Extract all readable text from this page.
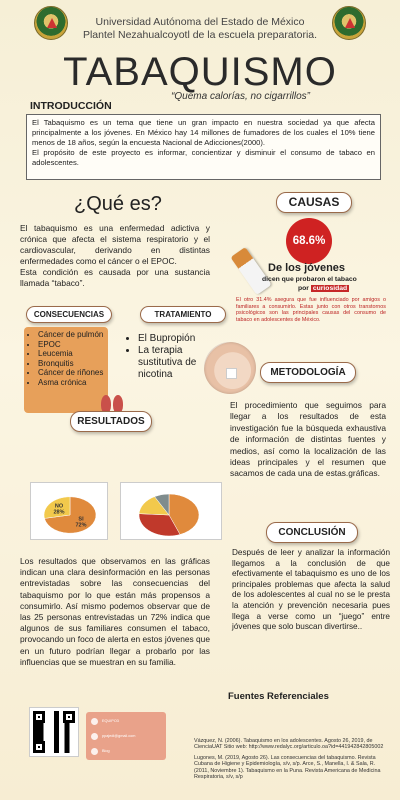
Universidad Autónoma del Estado de México
Plantel Nezahualcoyotl de la escuela preparatoria.
TABAQUISMO
“Quema calorías, no cigarrillos”
INTRODUCCIÓN

El Tabaquismo es un tema que tiene un gran impacto en nuestra sociedad ya que afecta principalmente a los jóvenes. En México hay 14 millones de fumadores de los cuales el 10% tiene menos de 18 años, según la encuesta Nacional de Adicciones(2000).

El propósito de este proyecto es informar, concientizar y disminuir el consumo de tabaco en adolescentes.

¿Qué es?

El tabaquismo es una enfermedad adictiva y crónica que afecta el sistema respiratorio y el cardiovascular, derivando en distintas enfermedades como el cáncer o el EPOC.

Esta condición es causada por una sustancia llamada “tabaco”.

CAUSAS
68.6%
De los jóvenes
dicen que probaron el tabaco
por curiosidad
El otro 31.4% asegura que fue influenciado por amigos o familiares a consumirlo. Estas junto con otros transtornos psicológicos son las principales causas del consumo de tabaco en adolescentes de México.
CONSECUENCIAS
• Cáncer de pulmón
• EPOC
• Leucemia
• Bronquitis
• Cáncer de riñones
• Asma crónica
TRATAMIENTO
• El Bupropión
• La terapia sustitutiva de nicotina	METODOLOGÍA
El procedimiento que seguimos para llegar a los resultados de esta investigación fue la búsqueda exhaustiva de información de distintas fuentes y medios, así como la localización de las ideas principales y el resumen que sacamos de cada una de estas.gráficas.
RESULTADOS
SI
72%
NO
28%
Los resultados que observamos en las gráficas indican una clara desinformación en las personas entrevistadas sobre las consecuencias del tabaquismo por lo que están más propensos a consumirlo. Así mismo podemos observar que de las 25 personas entrevistadas un 72% indica que algunos de sus familiares consumen el tabaco, provocando un foco de alerta en estos jóvenes que en un futuro podrían llegar a probarlo por las influencias que se muestran en su familia.
CONCLUSIÓN
Después de leer y analizar la información llegamos a la conclusión de que efectivamente el tabaquismo es uno de los principales problemas que afecta la salud de los adolescentes al cual no se le presta la atención y prevención necesaria pues llega a verse como un “juego” entre jóvenes que solo buscan divertirse..
Fuentes Referenciales

Vázquez, N. (2006). Tabaquismo en los adolescentes. Agosto 26, 2019, de CienciaUAT Sitio web: http://www.redalyc.org/articulo.oa?id=441942842805002

Lugones, M. (2019, Agosto 26). Las consecuencias del tabaquismo. Revista Cubana de Higiene y Epidemiología, s/v, s/p. Arce, S., Manella, I. & Sala, R. (2011, Noviembre 1). Tabaquismo en la Puna. Revista Americana de Medicina Respiratoria, s/v, s/p

EQUIPO3
ppajedi@gmail.com
Blog
